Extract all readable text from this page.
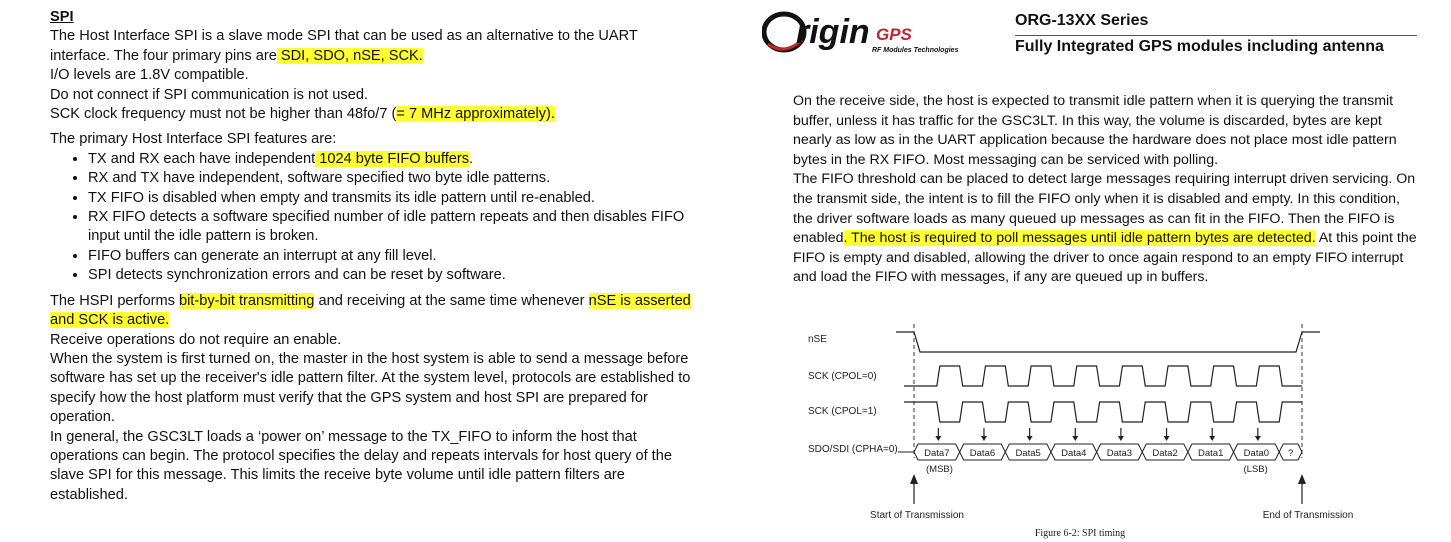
SPI

The Host Interface SPI is a slave mode SPI that can be used as an alternative to the UART

interface. The four primary pins are SDI, SDO, nSE, SCK.

I/O levels are 1.8V compatible.

Do not connect if SPI communication is not used.

SCK clock frequency must not be higher than 48fo/7 (= 7 MHz approximately).

The primary Host Interface SPI features are:

• TX and RX each have independent 1024 byte FIFO buffers.
• RX and TX have independent, software specified two byte idle patterns.
• TX FIFO is disabled when empty and transmits its idle pattern until re-enabled.
• RX FIFO detects a software specified number of idle pattern repeats and then disables FIFO input until the idle pattern is broken.
• FIFO buffers can generate an interrupt at any fill level.
• SPI detects synchronization errors and can be reset by software.

The HSPI performs bit-by-bit transmitting and receiving at the same time whenever nSE is asserted and SCK is active.

Receive operations do not require an enable.

When the system is first turned on, the master in the host system is able to send a message before software has set up the receiver's idle pattern filter. At the system level, protocols are established to specify how the host platform must verify that the GPS system and host SPI are prepared for operation.

In general, the GSC3LT loads a ‘power on’ message to the TX_FIFO to inform the host that operations can begin. The protocol specifies the delay and repeats intervals for host query of the slave SPI for this message. This limits the receive byte volume until idle pattern filters are established.

rigin GPS
RF Modules Technologies
ORG-13XX Series
Fully Integrated GPS modules including antenna

On the receive side, the host is expected to transmit idle pattern when it is querying the transmit buffer, unless it has traffic for the GSC3LT. In this way, the volume is discarded, bytes are kept nearly as low as in the UART application because the hardware does not place most idle pattern bytes in the RX FIFO. Most messaging can be serviced with polling.

The FIFO threshold can be placed to detect large messages requiring interrupt driven servicing. On the transmit side, the intent is to fill the FIFO only when it is disabled and empty. In this condition, the driver software loads as many queued up messages as can fit in the FIFO. Then the FIFO is enabled. The host is required to poll messages until idle pattern bytes are detected. At this point the FIFO is empty and disabled, allowing the driver to once again respond to an empty FIFO interrupt and load the FIFO with messages, if any are queued up in buffers.

nSE
SCK (CPOL=0)
SCK (CPOL=1)
SDO/SDI (CPHA=0)	Data7 Data6 Data5 Data4 Data3 Data2 Data1 Data0 ?
(MSB)	(LSB)
Start of Transmission	End of Transmission
Figure 6-2: SPI timing
